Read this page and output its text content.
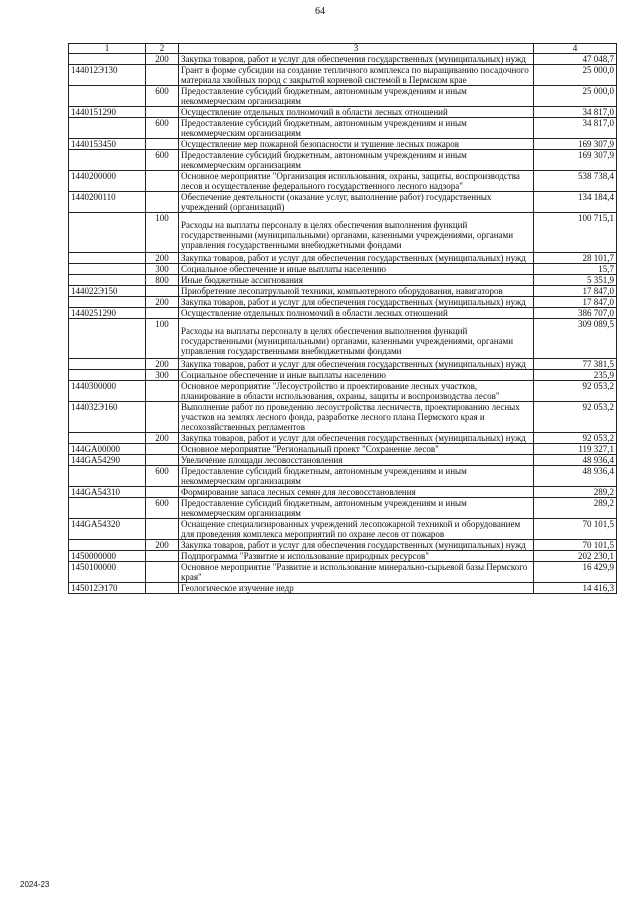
64
1	2	3	4
	200	Закупка товаров, работ и услуг для обеспечения государственных (муниципальных) нужд	47 048,7
144012Э130		Грант в форме субсидии на создание тепличного комплекса по выращиванию посадочного материала хвойных пород с закрытой корневой системой в Пермском крае	25 000,0
	600	Предоставление субсидий бюджетным, автономным учреждениям и иным некоммерческим организациям	25 000,0
1440151290		Осуществление отдельных полномочий в области лесных отношений	34 817,0
	600	Предоставление субсидий бюджетным, автономным учреждениям и иным некоммерческим организациям	34 817,0
1440153450		Осуществление мер пожарной безопасности и тушение лесных пожаров	169 307,9
	600	Предоставление субсидий бюджетным, автономным учреждениям и иным некоммерческим организациям	169 307,9
1440200000		Основное мероприятие "Организация использования, охраны, защиты, воспроизводства лесов и осуществление федерального государственного лесного надзора"	538 738,4
1440200110		Обеспечение деятельности (оказание услуг, выполнение работ) государственных учреждений (организаций)	134 184,4
	100	Расходы на выплаты персоналу в целях обеспечения выполнения функций государственными (муниципальными) органами, казенными учреждениями, органами управления государственными внебюджетными фондами	100 715,1
	200	Закупка товаров, работ и услуг для обеспечения государственных (муниципальных) нужд	28 101,7
	300	Социальное обеспечение и иные выплаты населению	15,7
	800	Иные бюджетные ассигнования	5 351,9
144022Э150		Приобретение лесопатрульной техники, компьютерного оборудования, навигаторов	17 847,0
	200	Закупка товаров, работ и услуг для обеспечения государственных (муниципальных) нужд	17 847,0
1440251290		Осуществление отдельных полномочий в области лесных отношений	386 707,0
	100	Расходы на выплаты персоналу в целях обеспечения выполнения функций государственными (муниципальными) органами, казенными учреждениями, органами управления государственными внебюджетными фондами	309 089,5
	200	Закупка товаров, работ и услуг для обеспечения государственных (муниципальных) нужд	77 381,5
	300	Социальное обеспечение и иные выплаты населению	235,9
1440300000		Основное мероприятие "Лесоустройство и проектирование лесных участков, планирование в области использования, охраны, защиты и воспроизводства лесов"	92 053,2
144032Э160		Выполнение работ по проведению лесоустройства лесничеств, проектированию лесных участков на землях лесного фонда, разработке лесного плана Пермского края и лесохозяйственных регламентов	92 053,2
	200	Закупка товаров, работ и услуг для обеспечения государственных (муниципальных) нужд	92 053,2
144GA00000		Основное мероприятие "Региональный проект "Сохранение лесов"	119 327,1
144GA54290		Увеличение площади лесовосстановления	48 936,4
	600	Предоставление субсидий бюджетным, автономным учреждениям и иным некоммерческим организациям	48 936,4
144GA54310		Формирование запаса лесных семян для лесовосстановления	289,2
	600	Предоставление субсидий бюджетным, автономным учреждениям и иным некоммерческим организациям	289,2
144GA54320		Оснащение специализированных учреждений лесопожарной техникой и оборудованием для проведения комплекса мероприятий по охране лесов от пожаров	70 101,5
	200	Закупка товаров, работ и услуг для обеспечения государственных (муниципальных) нужд	70 101,5
1450000000		Подпрограмма "Развитие и использование природных ресурсов"	202 230,1
1450100000		Основное мероприятие "Развитие и использование минерально-сырьевой базы Пермского края"	16 429,9
145012Э170		Геологическое изучение недр	14 416,3
2024-23
